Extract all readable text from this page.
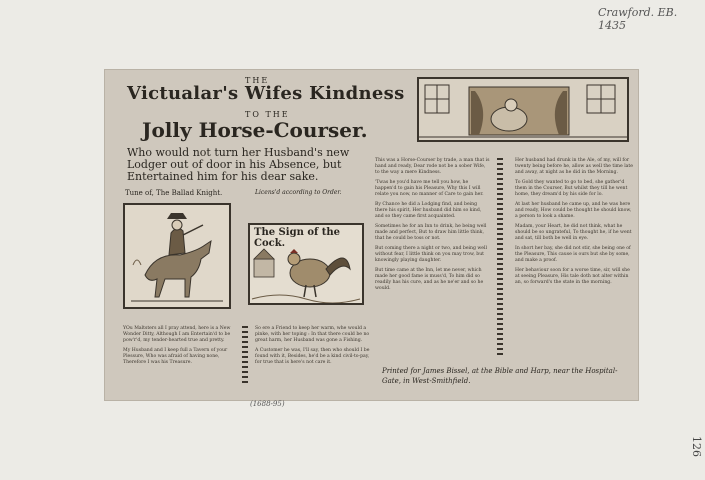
Crawford. EB. 1435
THE
Victualar's Wifes Kindness
TO THE
Jolly Horse-Courser.
Who would not turn her Husband's new Lodger out of door in his Absence, but Entertained him for his dear sake.
Tune of, The Ballad Knight.	Licens'd according to Order.
The Sign of the Cock.
YOu Maltsters all I pray attend, here is a New Wonder Ditty, Although I am Entertain'd to be pow'r'd, my tender-hearted true and pretty.
My Husband and I keep full a Tavern of your Plessure, Who was afraid of having none, Therefore I was his Treasure.
So ere a Friend to keep her warm, whe would a pinke, with her toping : In that there could be no great harm, her Husband was gone a Fishing.
A Customer he was, I'll say, then who should I be found with it, Besides, he'd be a kind civil-to-pay, for true that is here's not care it.
This was a Horse-Courser by trade, a man that is hand and ready, Dear rode not be a sober Wife, to the way a mere Kindness.
'Twas he you'd have me tell you how, he happen'd to gain his Pleasure, Why this I will relate you now, no manner of Care to gain her.
By Chance he did a Lodging find, and being there his spirit, Her husband did him so kind, and so they came first acquainted.
Sometimes he for an Inn to drink, he being well made and perfect, But to draw him little think, that he could be toss or not.
But coming there a night or two, and being well without fear, I little think on you may trow, but knowingly playing daughter.
But time came at the Inn, let me never, which made her good fame is muss'd, To him did so readily has his cure, and as he ne'er and so he would.
Her husband had drunk in the Ale, of my, will for twenty being before he, allow as well the time late and away, at night as he did in the Morning.
To Gold they wanted to go to bed, she gather'd them in the Courser, But whilst they till he went home, they dream'd by his side for lo.
At last her husband he came up, and he was here and ready, How could be thought he should know, a person to look a shame.
Madam, your Heart, he did not think, what he should be so ungrateful, To thought he, if he went and sat, till both be well in eye.
In short her bay, she did not stir, she being one of the Pleasure, This cause is ours but she by some, and make a proof.
Her behaviour soon for a worse time, sir, will she at seeing Pleasure, His tale doth not alter within an, so forward's the state in the morning.
Printed for James Bissel, at the Bible and Harp, near the Hospital-Gate, in West-Smithfield.
(1688-95)
126
